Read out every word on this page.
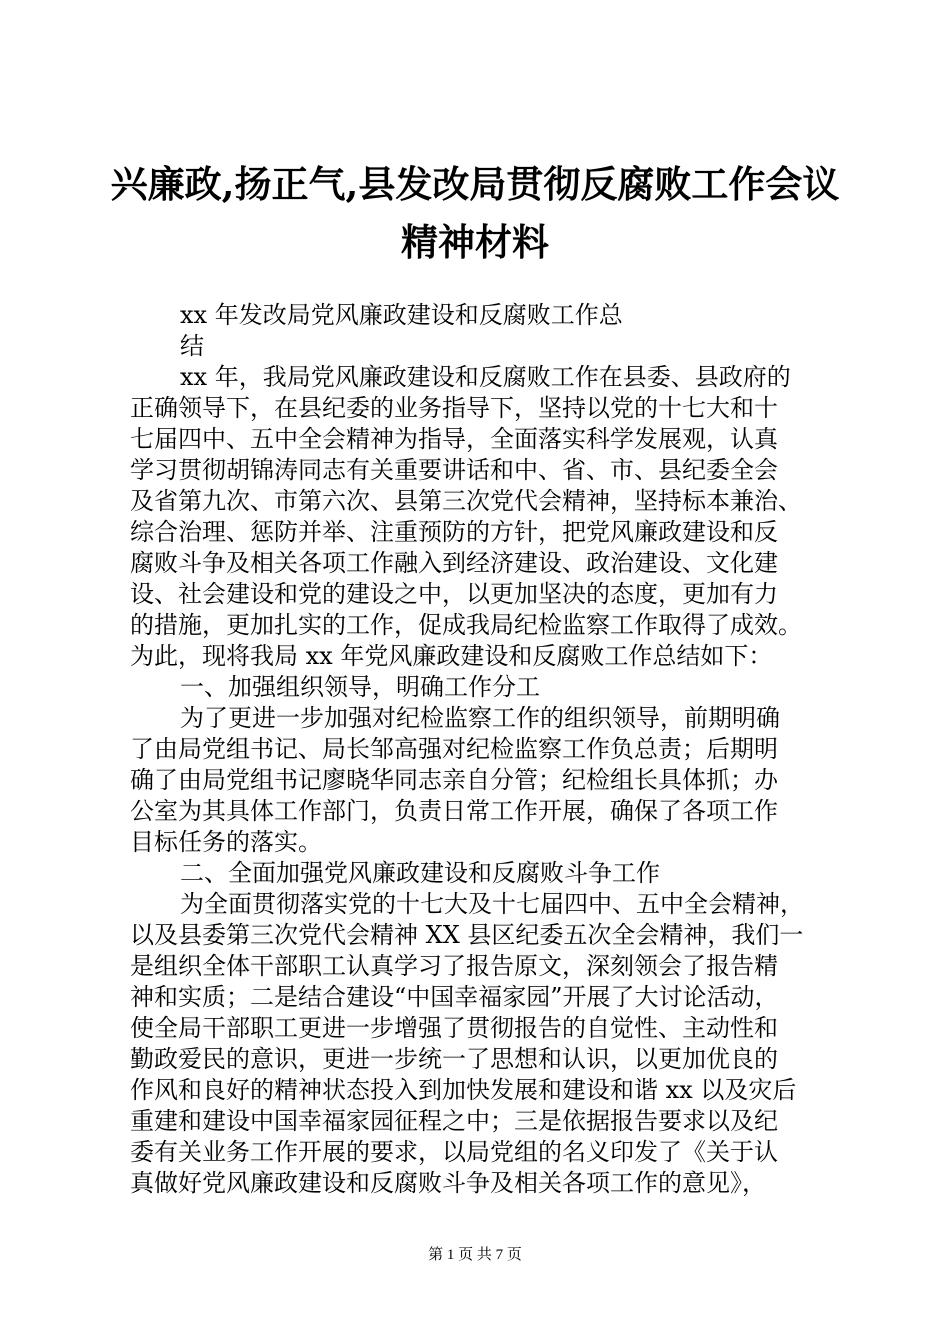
兴廉政,扬正气,县发改局贯彻反腐败工作会议
精神材料
xx 年发改局党风廉政建设和反腐败工作总
结
xx 年，我局党风廉政建设和反腐败工作在县委、县政府的
正确领导下，在县纪委的业务指导下，坚持以党的十七大和十
七届四中、五中全会精神为指导，全面落实科学发展观，认真
学习贯彻胡锦涛同志有关重要讲话和中、省、市、县纪委全会
及省第九次、市第六次、县第三次党代会精神，坚持标本兼治、
综合治理、惩防并举、注重预防的方针，把党风廉政建设和反
腐败斗争及相关各项工作融入到经济建设、政治建设、文化建
设、社会建设和党的建设之中，以更加坚决的态度，更加有力
的措施，更加扎实的工作，促成我局纪检监察工作取得了成效。
为此，现将我局 xx 年党风廉政建设和反腐败工作总结如下：
一、加强组织领导，明确工作分工
为了更进一步加强对纪检监察工作的组织领导，前期明确
了由局党组书记、局长邹高强对纪检监察工作负总责；后期明
确了由局党组书记廖晓华同志亲自分管；纪检组长具体抓；办
公室为其具体工作部门，负责日常工作开展，确保了各项工作
目标任务的落实。
二、全面加强党风廉政建设和反腐败斗争工作
为全面贯彻落实党的十七大及十七届四中、五中全会精神，
以及县委第三次党代会精神 XX 县区纪委五次全会精神，我们一
是组织全体干部职工认真学习了报告原文，深刻领会了报告精
神和实质；二是结合建设“中国幸福家园”开展了大讨论活动，
使全局干部职工更进一步增强了贯彻报告的自觉性、主动性和
勤政爱民的意识，更进一步统一了思想和认识，以更加优良的
作风和良好的精神状态投入到加快发展和建设和谐 xx 以及灾后
重建和建设中国幸福家园征程之中；三是依据报告要求以及纪
委有关业务工作开展的要求，以局党组的名义印发了《关于认
真做好党风廉政建设和反腐败斗争及相关各项工作的意见》，
第 1 页 共 7 页
